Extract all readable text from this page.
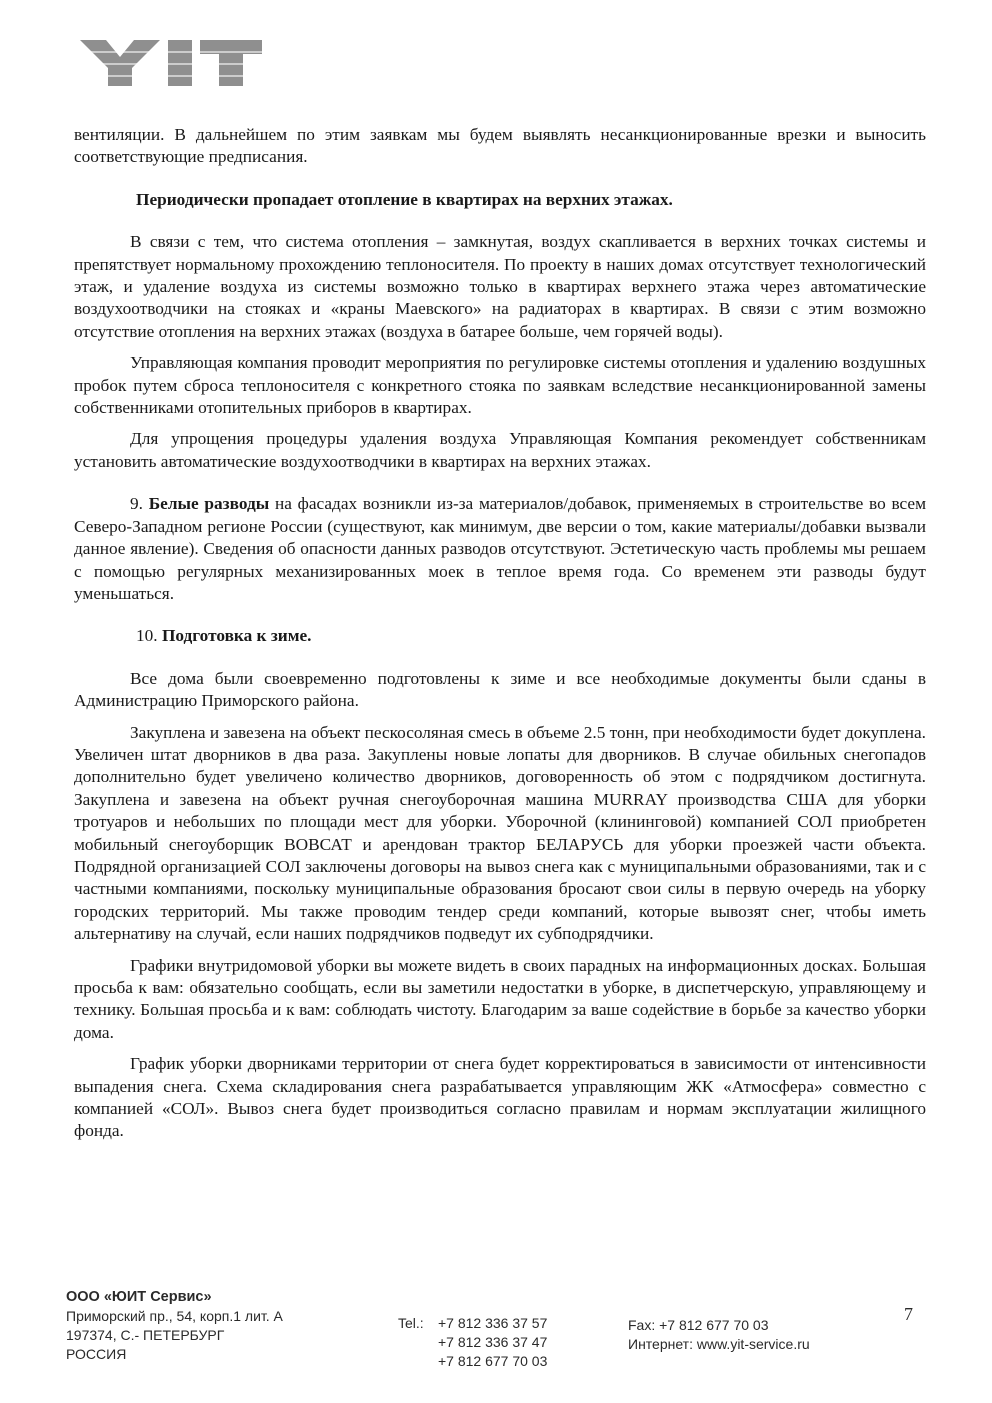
вентиляции. В дальнейшем по этим заявкам мы будем выявлять несанкционированные врезки и выносить соответствующие предписания.

Периодически пропадает отопление в квартирах на верхних этажах.

В связи с тем, что система отопления – замкнутая, воздух скапливается в верхних точках системы и препятствует нормальному прохождению теплоносителя. По проекту в наших домах отсутствует технологический этаж, и удаление воздуха из системы возможно только в квартирах верхнего этажа через автоматические воздухоотводчики на стояках и «краны Маевского» на радиаторах в квартирах. В связи с этим возможно отсутствие отопления на верхних этажах (воздуха в батарее больше, чем горячей воды).

Управляющая компания проводит мероприятия по регулировке системы отопления и удалению воздушных пробок путем сброса теплоносителя с конкретного стояка по заявкам вследствие несанкционированной замены собственниками отопительных приборов в квартирах.

Для упрощения процедуры удаления воздуха Управляющая Компания рекомендует собственникам установить автоматические воздухоотводчики в квартирах на верхних этажах.

9. Белые разводы на фасадах возникли из-за материалов/добавок, применяемых в строительстве во всем Северо-Западном регионе России (существуют, как минимум, две версии о том, какие материалы/добавки вызвали данное явление). Сведения об опасности данных разводов отсутствуют. Эстетическую часть проблемы мы решаем с помощью регулярных механизированных моек в теплое время года. Со временем эти разводы будут уменьшаться.

10. Подготовка к зиме.

Все дома были своевременно подготовлены к зиме и все необходимые документы были сданы в Администрацию Приморского района.

Закуплена и завезена на объект пескосоляная смесь в объеме 2.5 тонн, при необходимости будет докуплена. Увеличен штат дворников в два раза. Закуплены новые лопаты для дворников. В случае обильных снегопадов дополнительно будет увеличено количество дворников, договоренность об этом с подрядчиком достигнута. Закуплена и завезена на объект ручная снегоуборочная машина MURRAY производства США для уборки тротуаров и небольших по площади мест для уборки. Уборочной (клининговой) компанией СОЛ приобретен мобильный снегоуборщик ВОВСАТ и арендован трактор БЕЛАРУСЬ для уборки проезжей части объекта. Подрядной организацией СОЛ заключены договоры на вывоз снега как с муниципальными образованиями, так и с частными компаниями, поскольку муниципальные образования бросают свои силы в первую очередь на уборку городских территорий. Мы также проводим тендер среди компаний, которые вывозят снег, чтобы иметь альтернативу на случай, если наших подрядчиков подведут их субподрядчики.

Графики внутридомовой уборки вы можете видеть в своих парадных на информационных досках. Большая просьба к вам: обязательно сообщать, если вы заметили недостатки в уборке, в диспетчерскую, управляющему и технику. Большая просьба и к вам: соблюдать чистоту. Благодарим за ваше содействие в борьбе за качество уборки дома.

График уборки дворниками территории от снега будет корректироваться в зависимости от интенсивности выпадения снега. Схема складирования снега разрабатывается управляющим ЖК «Атмосфера» совместно с компанией «СОЛ». Вывоз снега будет производиться согласно правилам и нормам эксплуатации жилищного фонда.

ООО «ЮИТ Сервис»
Приморский пр., 54, корп.1 лит. А
197374, С.- ПЕТЕРБУРГ
РОССИЯ
Tel.: +7 812 336 37 57
+7 812 336 37 47
+7 812 677 70 03
Fax: +7 812 677 70 03
Интернет: www.yit-service.ru
7
